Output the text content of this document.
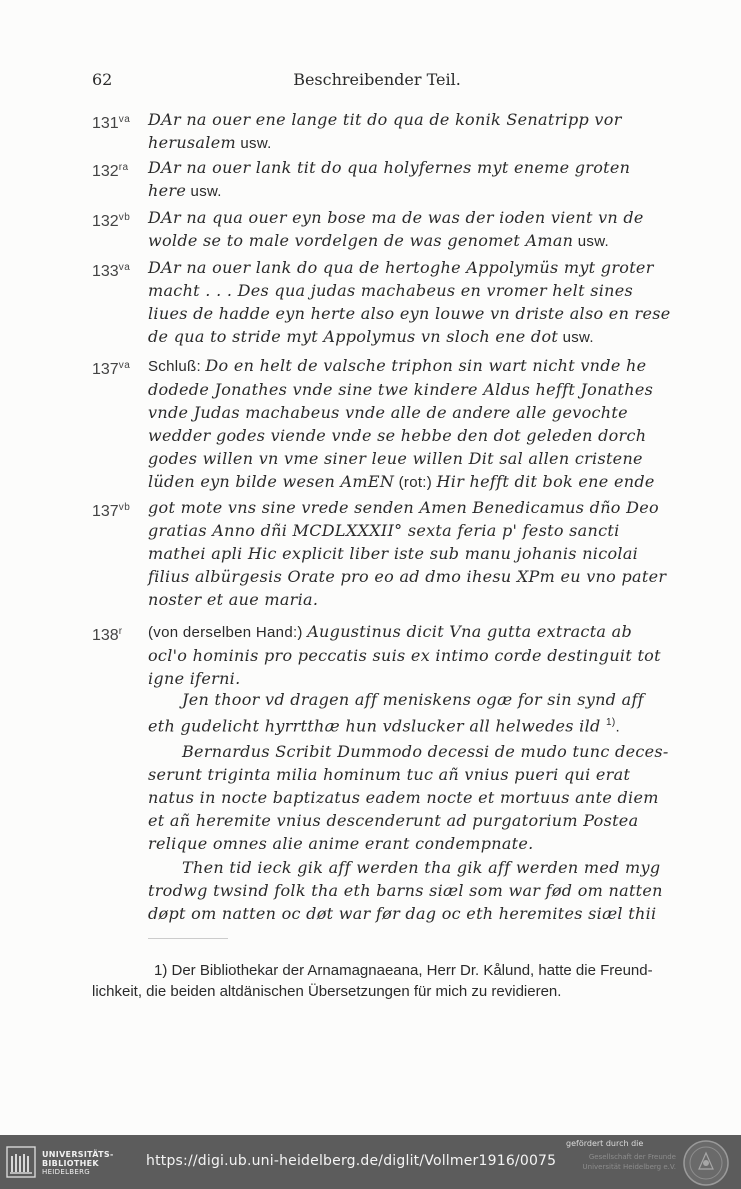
62	Beschreibender Teil.
$131^{va}$	DAr na ouer ene lange tit do qua de konik Senatripp vor
herusalem usw.
$132^{ra}$	DAr na ouer lank tit do qua holyfernes myt eneme groten
here usw.
$132^{vb}$	DAr na qua ouer eyn bose ma de was der ioden vient vn de
wolde se to male vordelgen de was genomet Aman usw.
$133^{va}$	DAr na ouer lank do qua de hertoghe Appolymüs myt groter
macht . . . Des qua judas machabeus en vromer helt sines
liues de hadde eyn herte also eyn louwe vn driste also en rese
de qua to stride myt Appolymus vn sloch ene dot usw.
$137^{va}$	Schluß: Do en helt de valsche triphon sin wart nicht vnde he
dodede Jonathes vnde sine twe kindere Aldus hefft Jonathes
vnde Judas machabeus vnde alle de andere alle gevochte
wedder godes viende vnde se hebbe den dot geleden dorch
godes willen vn vme siner leue willen Dit sal allen cristene
lüden eyn bilde wesen AmEN (rot:) Hir hefft dit bok ene ende
$137^{vb}$	got mote vns sine vrede senden Amen Benedicamus dño Deo
gratias Anno dñi MCDLXXXII° sexta feria p' festo sancti
mathei apli Hic explicit liber iste sub manu johanis nicolai
filius albürgesis Orate pro eo ad dmo ihesu XPm eu vno pater
noster et aue maria.
138$^r$	(von derselben Hand:) Augustinus dicit Vna gutta extracta ab
ocl'o hominis pro peccatis suis ex intimo corde destinguit tot
igne iferni.
Jen thoor vd dragen aff meniskens ogæ for sin synd aff
eth gudelicht hyrrtthæ hun vdslucker all helwedes ild $^{1)}$.
Bernardus Scribit Dummodo decessi de mudo tunc deces-
serunt triginta milia hominum tuc añ vnius pueri qui erat
natus in nocte baptizatus eadem nocte et mortuus ante diem
et añ heremite vnius descenderunt ad purgatorium Postea
relique omnes alie anime erant condempnate.
Then tid ieck gik aff werden tha gik aff werden med myg
trodwg twsind folk tha eth barns siæl som war fød om natten
døpt om natten oc døt war før dag oc eth heremites siæl thii
1) Der Bibliothekar der Arnamagnaeana, Herr Dr. Kålund, hatte die Freund-
lichkeit, die beiden altdänischen Übersetzungen für mich zu revidieren.
UNIVERSITÄTS-
BIBLIOTHEK
HEIDELBERG
https://digi.ub.uni-heidelberg.de/diglit/Vollmer1916/0075
gefördert durch die
Gesellschaft der Freunde
Universität Heidelberg e.V.
